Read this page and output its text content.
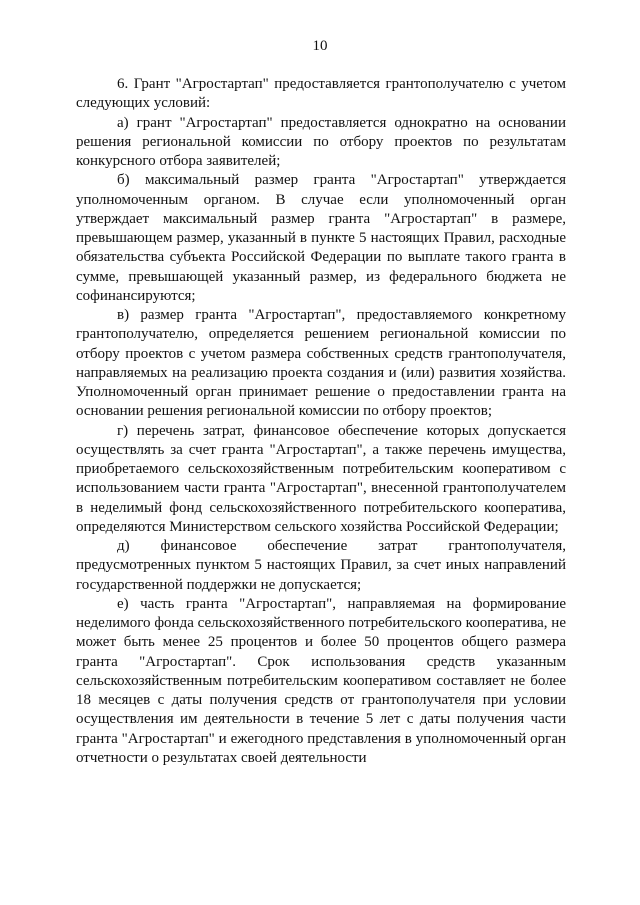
10

6. Грант "Агростартап" предоставляется грантополучателю с учетом следующих условий:

а) грант "Агростартап" предоставляется однократно на основании решения региональной комиссии по отбору проектов по результатам конкурсного отбора заявителей;

б) максимальный размер гранта "Агростартап" утверждается уполномоченным органом. В случае если уполномоченный орган утверждает максимальный размер гранта "Агростартап" в размере, превышающем размер, указанный в пункте 5 настоящих Правил, расходные обязательства субъекта Российской Федерации по выплате такого гранта в сумме, превышающей указанный размер, из федерального бюджета не софинансируются;

в) размер гранта "Агростартап", предоставляемого конкретному грантополучателю, определяется решением региональной комиссии по отбору проектов с учетом размера собственных средств грантополучателя, направляемых на реализацию проекта создания и (или) развития хозяйства. Уполномоченный орган принимает решение о предоставлении гранта на основании решения региональной комиссии по отбору проектов;

г) перечень затрат, финансовое обеспечение которых допускается осуществлять за счет гранта "Агростартап", а также перечень имущества, приобретаемого сельскохозяйственным потребительским кооперативом с использованием части гранта "Агростартап", внесенной грантополучателем в неделимый фонд сельскохозяйственного потребительского кооператива, определяются Министерством сельского хозяйства Российской Федерации;

д) финансовое обеспечение затрат грантополучателя, предусмотренных пунктом 5 настоящих Правил, за счет иных направлений государственной поддержки не допускается;

е) часть гранта "Агростартап", направляемая на формирование неделимого фонда сельскохозяйственного потребительского кооператива, не может быть менее 25 процентов и более 50 процентов общего размера гранта "Агростартап". Срок использования средств указанным сельскохозяйственным потребительским кооперативом составляет не более 18 месяцев с даты получения средств от грантополучателя при условии осуществления им деятельности в течение 5 лет с даты получения части гранта "Агростартап" и ежегодного представления в уполномоченный орган отчетности о результатах своей деятельности
